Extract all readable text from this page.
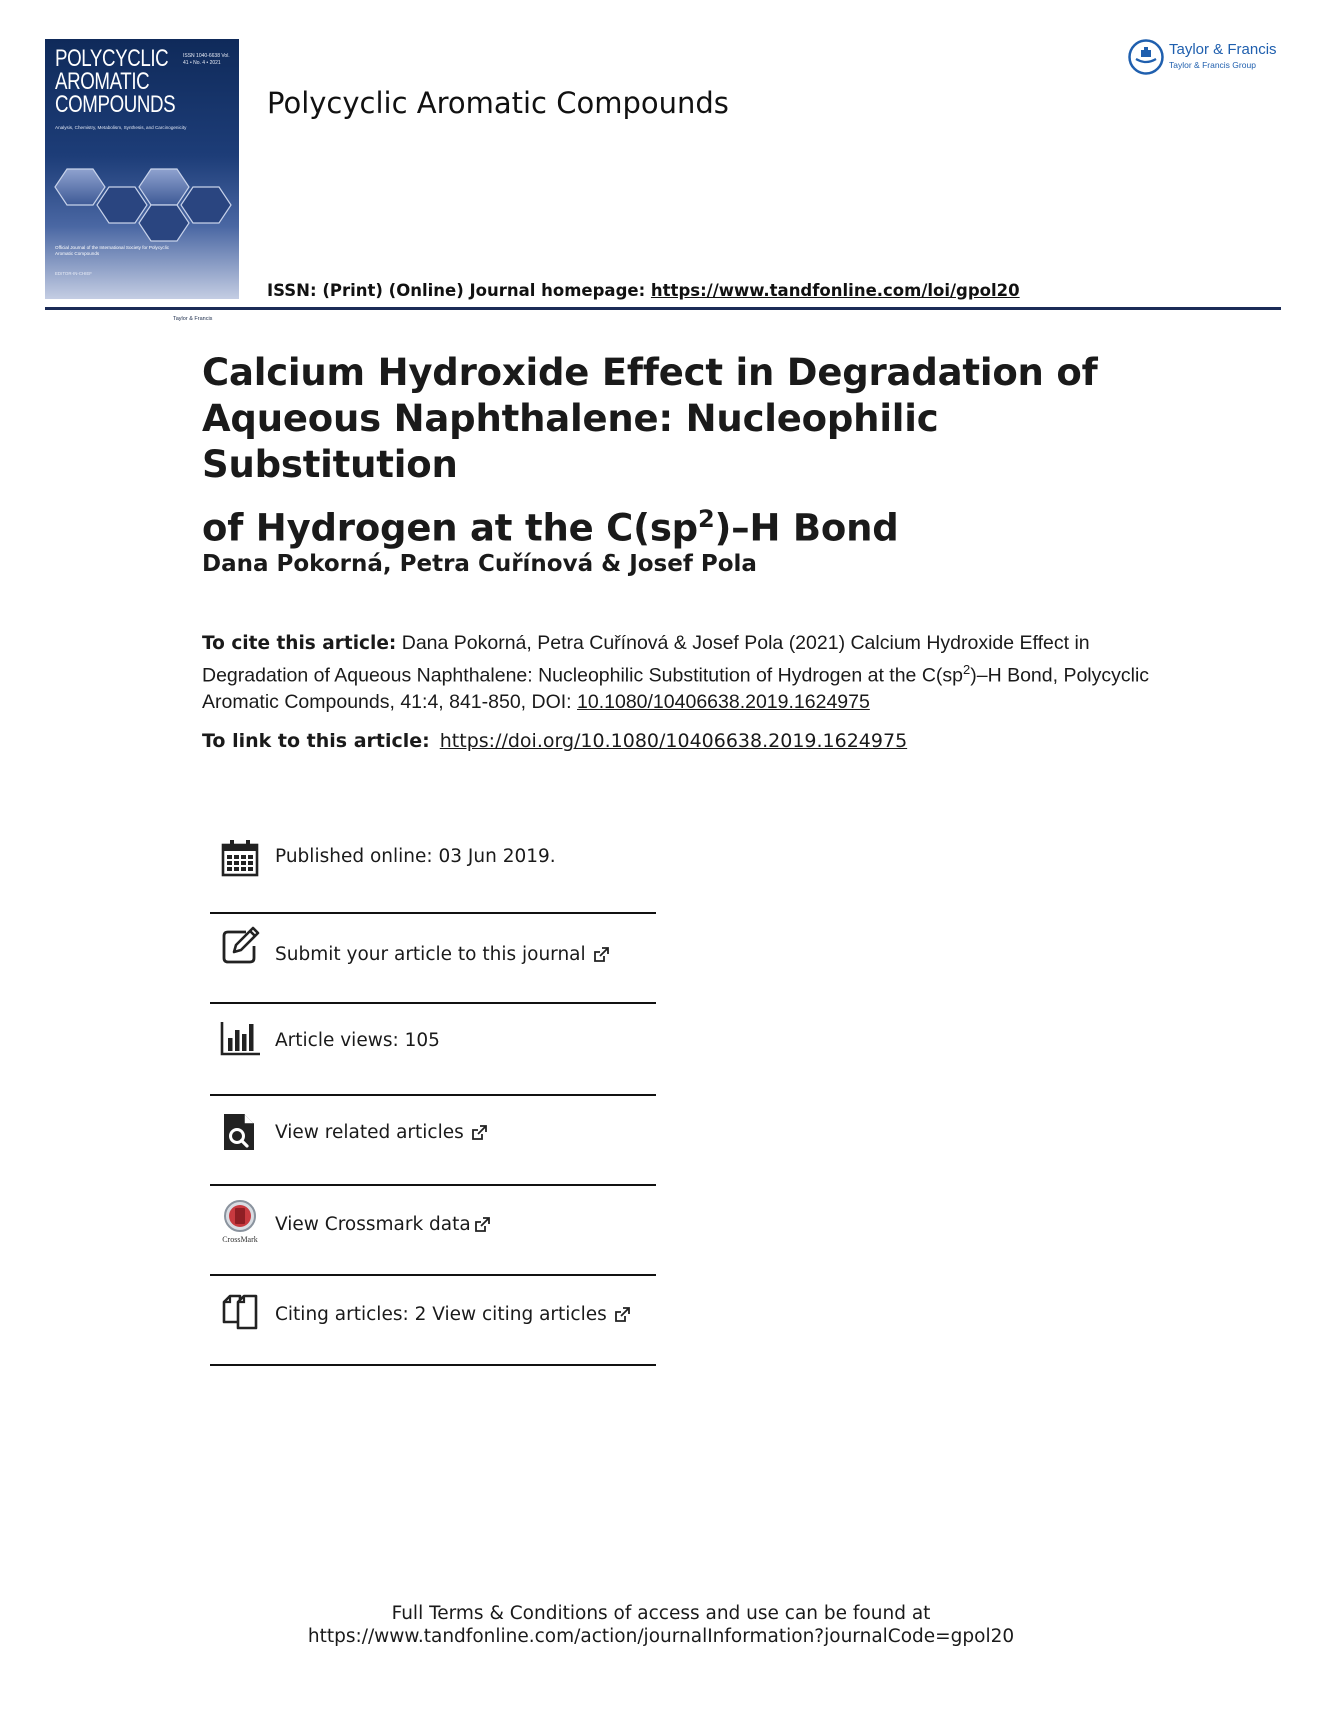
POLYCYCLIC
AROMATIC
COMPOUNDS
ISSN 1040-6638 Vol. 41 • No. 4 • 2021
Analysis, Chemistry, Metabolism, Synthesis, and Carcinogenicity
Official Journal of the International Society for Polycyclic Aromatic Compounds
EDITOR-IN-CHIEF
Taylor & Francis
Polycyclic Aromatic Compounds
ISSN: (Print) (Online) Journal homepage: https://www.tandfonline.com/loi/gpol20
Taylor & Francis
Taylor & Francis Group
Calcium Hydroxide Effect in Degradation of
Aqueous Naphthalene: Nucleophilic Substitution
of Hydrogen at the $C(sp^2)-H$ Bond
Dana Pokorná, Petra Cuřínová & Josef Pola
To cite this article: Dana Pokorná, Petra Cuřínová & Josef Pola (2021) Calcium Hydroxide Effect in Degradation of Aqueous Naphthalene: Nucleophilic Substitution of Hydrogen at the $C(sp^2)-H$ Bond, Polycyclic Aromatic Compounds, 41:4, 841-850, DOI: 10.1080/10406638.2019.1624975
To link to this article: https://doi.org/10.1080/10406638.2019.1624975
Published online: 03 Jun 2019.
Submit your article to this journal
Article views: 105
View related articles
CrossMark
View Crossmark data
Citing articles: 2 View citing articles
Full Terms & Conditions of access and use can be found at
https://www.tandfonline.com/action/journalInformation?journalCode=gpol20
